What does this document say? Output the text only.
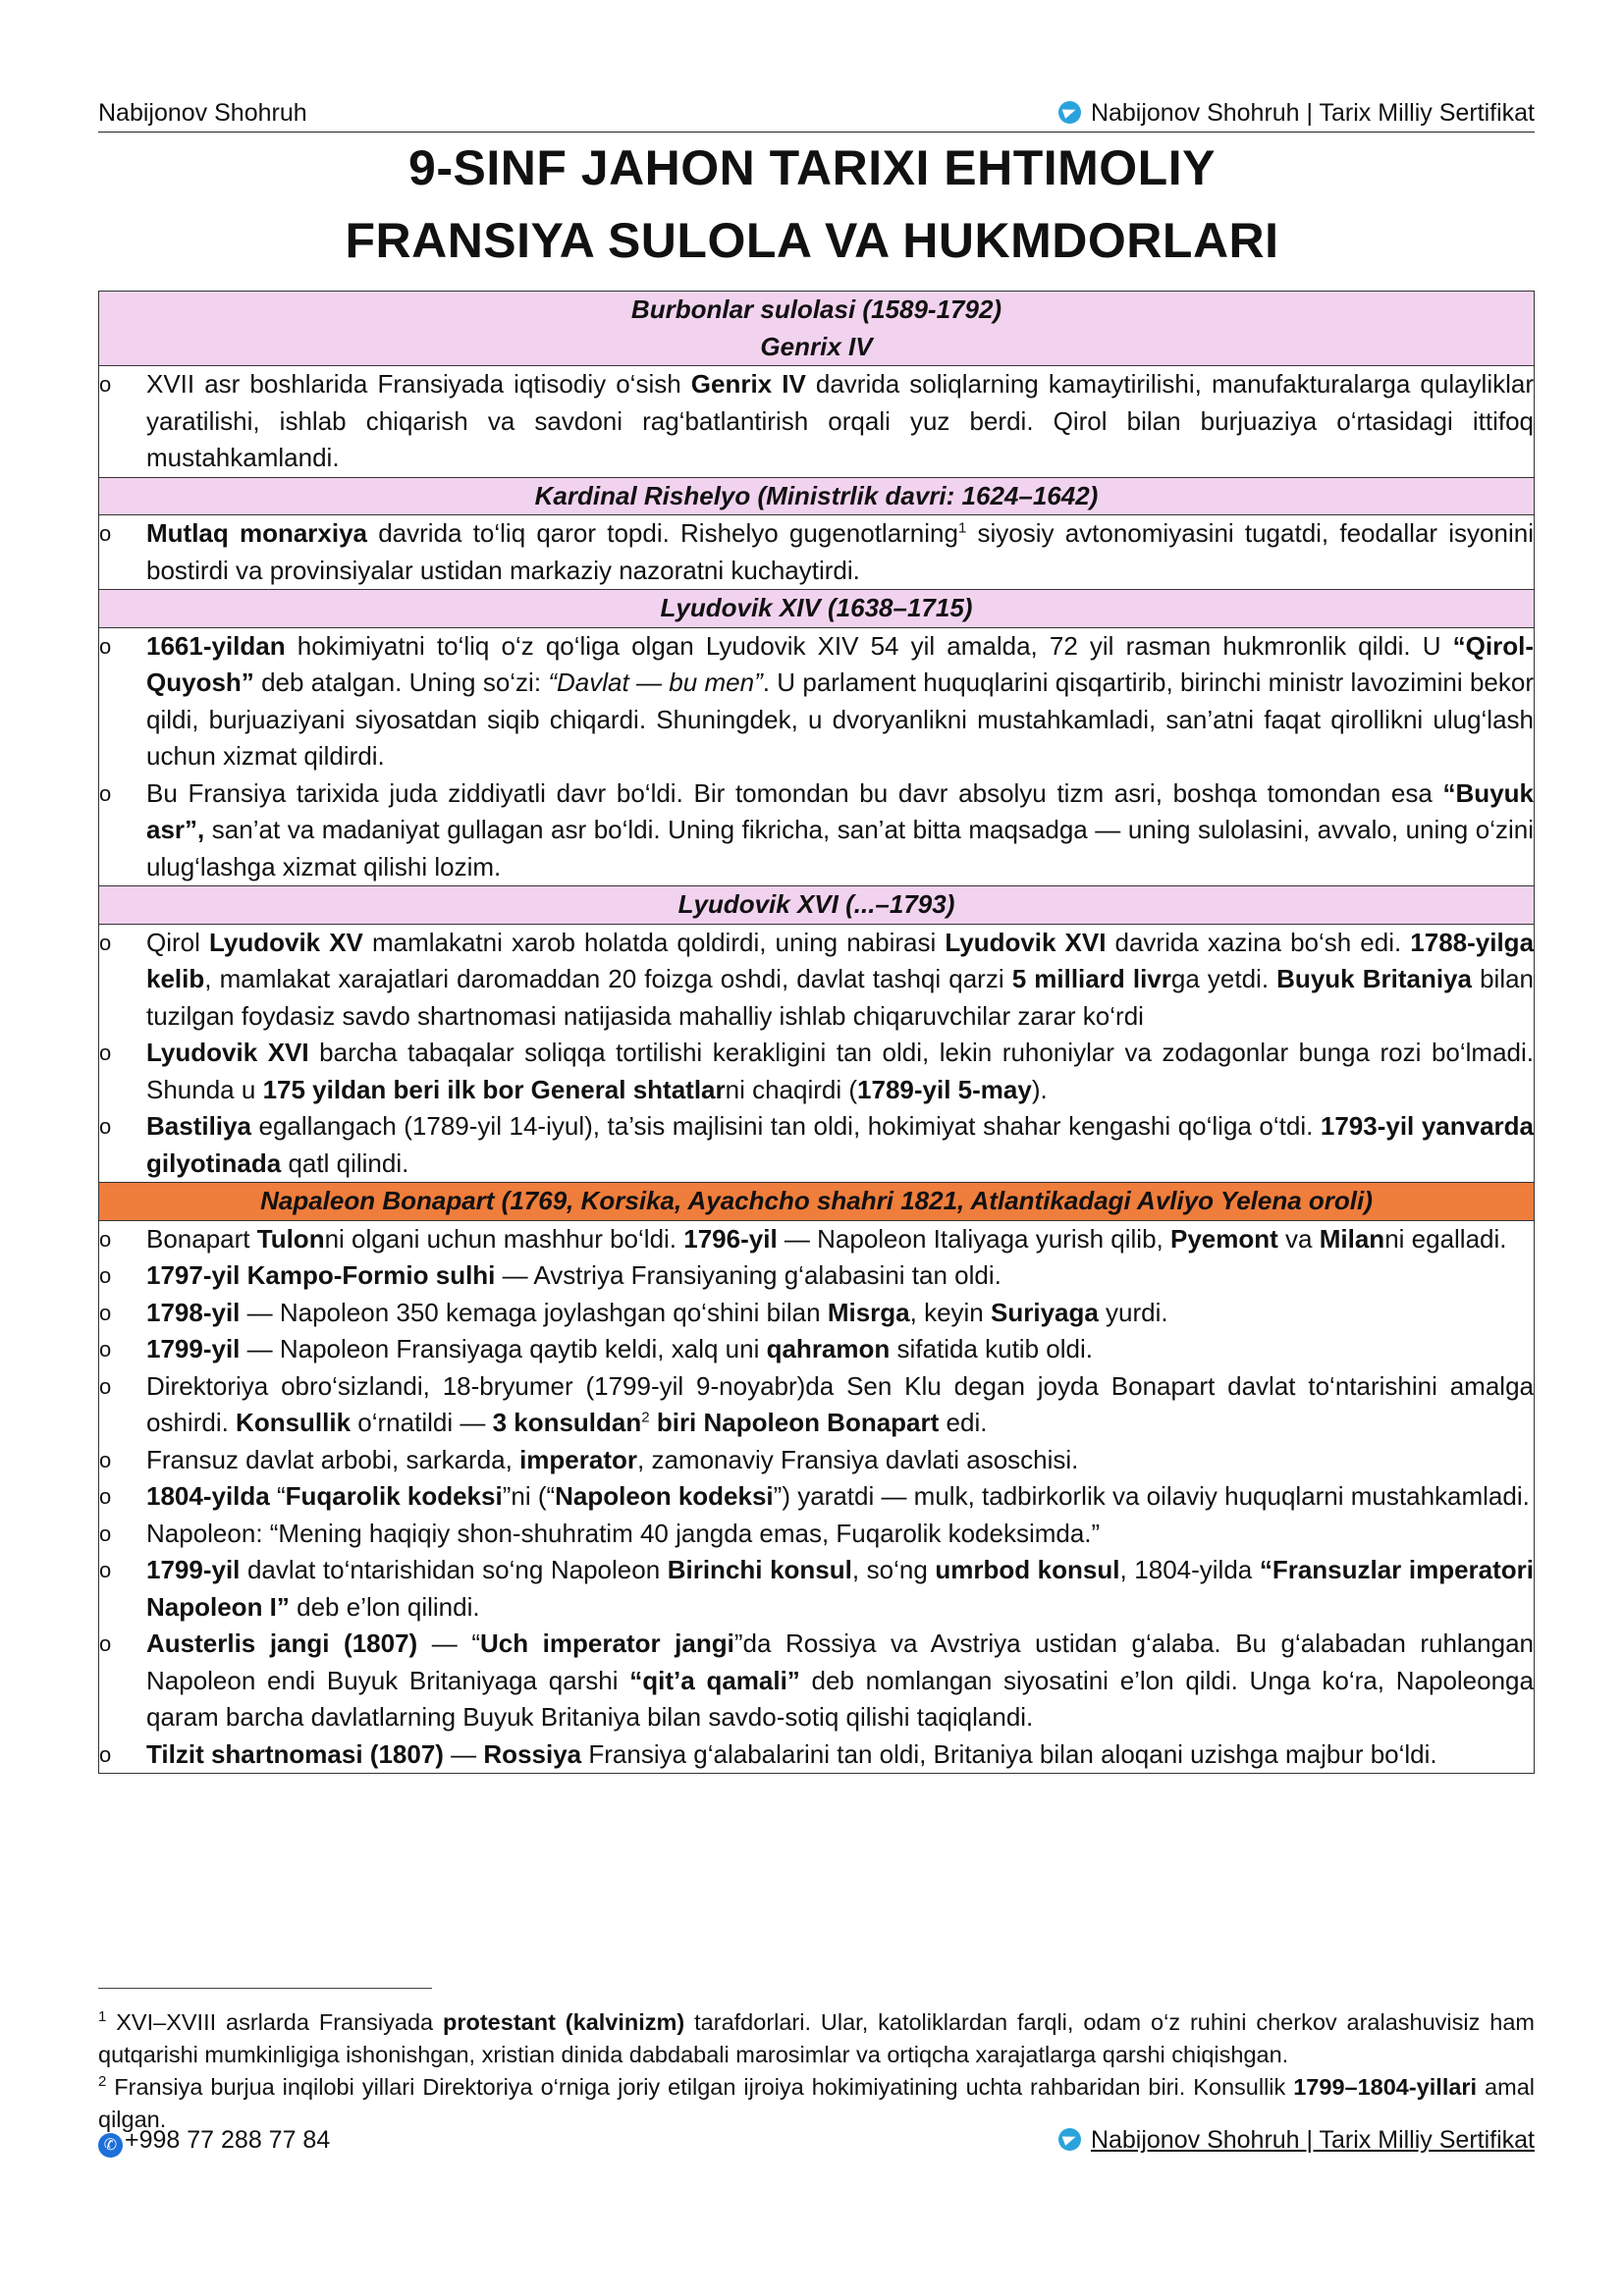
Nabijonov Shohruh	Nabijonov Shohruh | Tarix Milliy Sertifikat
9-SINF JAHON TARIXI EHTIMOLIY
FRANSIYA SULOLA VA HUKMDORLARI
Burbonlar sulolasi (1589-1792)
Genrix IV

o	XVII asr boshlarida Fransiyada iqtisodiy o‘sish Genrix IV davrida soliqlarning kamaytirilishi, manufakturalarga qulayliklar yaratilishi, ishlab chiqarish va savdoni rag‘batlantirish orqali yuz berdi. Qirol bilan burjuaziya o‘rtasidagi ittifoq mustahkamlandi.

Kardinal Rishelyo (Ministrlik davri: 1624–1642)

o	Mutlaq monarxiya davrida to‘liq qaror topdi. Rishelyo gugenotlarning$^1$ siyosiy avtonomiyasini tugatdi, feodallar isyonini bostirdi va provinsiyalar ustidan markaziy nazoratni kuchaytirdi.

Lyudovik XIV (1638–1715)

o	1661-yildan hokimiyatni to‘liq o‘z qo‘liga olgan Lyudovik XIV 54 yil amalda, 72 yil rasman hukmronlik qildi. U “Qirol-Quyosh” deb atalgan. Uning so‘zi: “Davlat — bu men”. U parlament huquqlarini qisqartirib, birinchi ministr lavozimini bekor qildi, burjuaziyani siyosatdan siqib chiqardi. Shuningdek, u dvoryanlikni mustahkamladi, san’atni faqat qirollikni ulug‘lash uchun xizmat qildirdi.
o	Bu Fransiya tarixida juda ziddiyatli davr bo‘ldi. Bir tomondan bu davr absolyu tizm asri, boshqa tomondan esa “Buyuk asr”, san’at va madaniyat gullagan asr bo‘ldi. Uning fikricha, san’at bitta maqsadga — uning sulolasini, avvalo, uning o‘zini ulug‘lashga xizmat qilishi lozim.

Lyudovik XVI (...–1793)

o	Qirol Lyudovik XV mamlakatni xarob holatda qoldirdi, uning nabirasi Lyudovik XVI davrida xazina bo‘sh edi. 1788-yilga kelib, mamlakat xarajatlari daromaddan 20 foizga oshdi, davlat tashqi qarzi 5 milliard livrga yetdi. Buyuk Britaniya bilan tuzilgan foydasiz savdo shartnomasi natijasida mahalliy ishlab chiqaruvchilar zarar ko‘rdi
o	Lyudovik XVI barcha tabaqalar soliqqa tortilishi kerakligini tan oldi, lekin ruhoniylar va zodagonlar bunga rozi bo‘lmadi. Shunda u 175 yildan beri ilk bor General shtatlarni chaqirdi (1789-yil 5-may).
o	Bastiliya egallangach (1789-yil 14-iyul), ta’sis majlisini tan oldi, hokimiyat shahar kengashi qo‘liga o‘tdi. 1793-yil yanvarda gilyotinada qatl qilindi.

Napaleon Bonapart (1769, Korsika, Ayachcho shahri 1821, Atlantikadagi Avliyo Yelena oroli)

o	Bonapart Tulonni olgani uchun mashhur bo‘ldi. 1796-yil — Napoleon Italiyaga yurish qilib, Pyemont va Milanni egalladi.
o	1797-yil Kampo-Formio sulhi — Avstriya Fransiyaning g‘alabasini tan oldi.
o	1798-yil — Napoleon 350 kemaga joylashgan qo‘shini bilan Misrga, keyin Suriyaga yurdi.
o	1799-yil — Napoleon Fransiyaga qaytib keldi, xalq uni qahramon sifatida kutib oldi.
o	Direktoriya obro‘sizlandi, 18-bryumer (1799-yil 9-noyabr)da Sen Klu degan joyda Bonapart davlat to‘ntarishini amalga oshirdi. Konsullik o‘rnatildi — 3 konsuldan$^2$ biri Napoleon Bonapart edi.
o	Fransuz davlat arbobi, sarkarda, imperator, zamonaviy Fransiya davlati asoschisi.
o	1804-yilda “Fuqarolik kodeksi”ni (“Napoleon kodeksi”) yaratdi — mulk, tadbirkorlik va oilaviy huquqlarni mustahkamladi.
o	Napoleon: “Mening haqiqiy shon-shuhratim 40 jangda emas, Fuqarolik kodeksimda.”
o	1799-yil davlat to‘ntarishidan so‘ng Napoleon Birinchi konsul, so‘ng umrbod konsul, 1804-yilda “Fransuzlar imperatori Napoleon I” deb e’lon qilindi.
o	Austerlis jangi (1807) — “Uch imperator jangi”da Rossiya va Avstriya ustidan g‘alaba. Bu g‘alabadan ruhlangan Napoleon endi Buyuk Britaniyaga qarshi “qit’a qamali” deb nomlangan siyosatini e’lon qildi. Unga ko‘ra, Napoleonga qaram barcha davlatlarning Buyuk Britaniya bilan savdo-sotiq qilishi taqiqlandi.
o	Tilzit shartnomasi (1807) — Rossiya Fransiya g‘alabalarini tan oldi, Britaniya bilan aloqani uzishga majbur bo‘ldi.
$^1$ XVI–XVIII asrlarda Fransiyada protestant (kalvinizm) tarafdorlari. Ular, katoliklardan farqli, odam o‘z ruhini cherkov aralashuvisiz ham qutqarishi mumkinligiga ishonishgan, xristian dinida dabdabali marosimlar va ortiqcha xarajatlarga qarshi chiqishgan.
$^2$ Fransiya burjua inqilobi yillari Direktoriya o‘rniga joriy etilgan ijroiya hokimiyatining uchta rahbaridan biri. Konsullik 1799–1804-yillari amal qilgan.
✆ +998 77 288 77 84	Nabijonov Shohruh | Tarix Milliy Sertifikat
